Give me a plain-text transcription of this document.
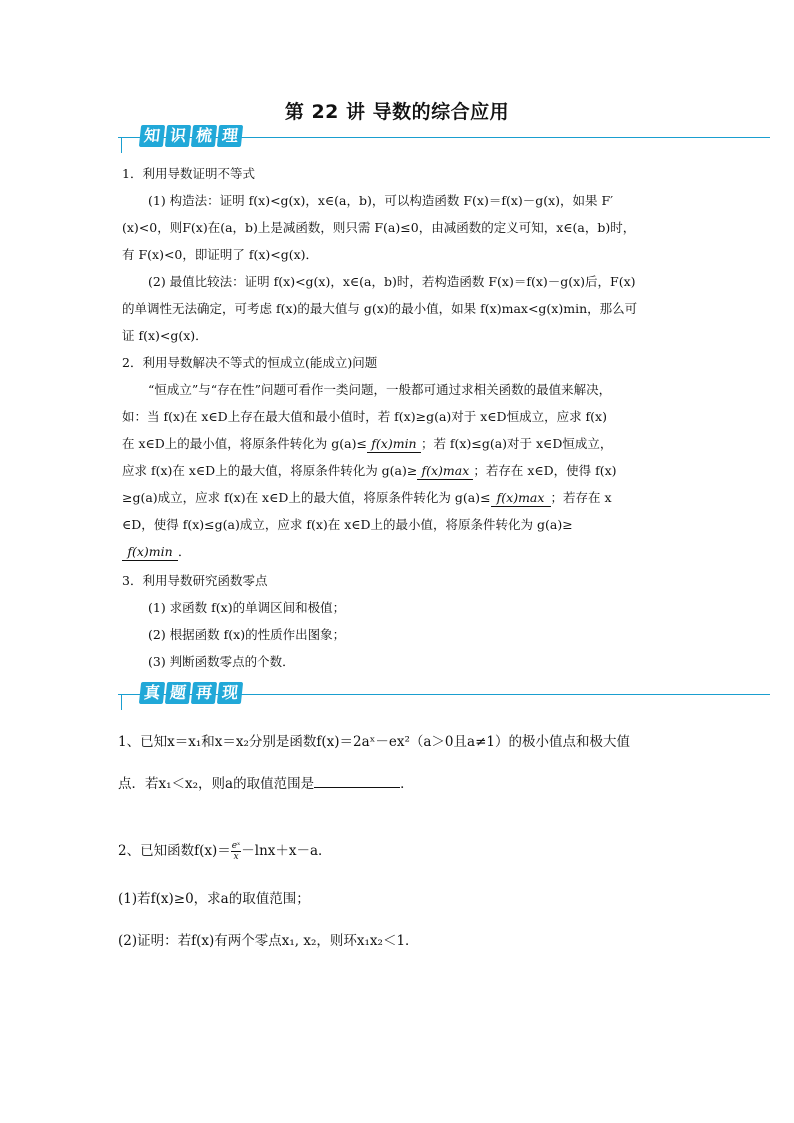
第 22 讲 导数的综合应用
知 识 梳 理
1．利用导数证明不等式
(1) 构造法：证明 f(x)<g(x)，x∈(a，b)，可以构造函数 F(x)＝f(x)－g(x)，如果 F′
(x)<0，则F(x)在(a，b)上是减函数，则只需 F(a)≤0，由减函数的定义可知，x∈(a，b)时，
有 F(x)<0，即证明了 f(x)<g(x)．
(2) 最值比较法：证明 f(x)<g(x)，x∈(a，b)时，若构造函数 F(x)＝f(x)－g(x)后，F(x)
的单调性无法确定，可考虑 f(x)的最大值与 g(x)的最小值，如果 f(x)max<g(x)min，那么可
证 f(x)<g(x)．
2．利用导数解决不等式的恒成立(能成立)问题
“恒成立”与“存在性”问题可看作一类问题，一般都可通过求相关函数的最值来解决，
如：当 f(x)在 x∈D上存在最大值和最小值时，若 f(x)≥g(a)对于 x∈D恒成立，应求 f(x)
在 x∈D上的最小值，将原条件转化为 g(a)≤ f(x)min ；若 f(x)≤g(a)对于 x∈D恒成立，
应求 f(x)在 x∈D上的最大值，将原条件转化为 g(a)≥ f(x)max ；若存在 x∈D，使得 f(x)
≥g(a)成立，应求 f(x)在 x∈D上的最大值，将原条件转化为 g(a)≤ f(x)max ；若存在 x
∈D，使得 f(x)≤g(a)成立，应求 f(x)在 x∈D上的最小值，将原条件转化为 g(a)≥
f(x)min ．
3．利用导数研究函数零点
(1) 求函数 f(x)的单调区间和极值；
(2) 根据函数 f(x)的性质作出图象；
(3) 判断函数零点的个数．
真 题 再 现
1、已知x＝x₁和x＝x₂分别是函数f(x)＝2aˣ－ex²（a＞0且a≠1）的极小值点和极大值
点．若x₁＜x₂，则a的取值范围是	．
2、已知函数$f(x)= \frac{\text{eˣ}}{x} -\ln x+x-a$．
(1)若f(x)≥0，求a的取值范围；
(2)证明：若f(x)有两个零点x₁, x₂，则环x₁x₂＜1．
